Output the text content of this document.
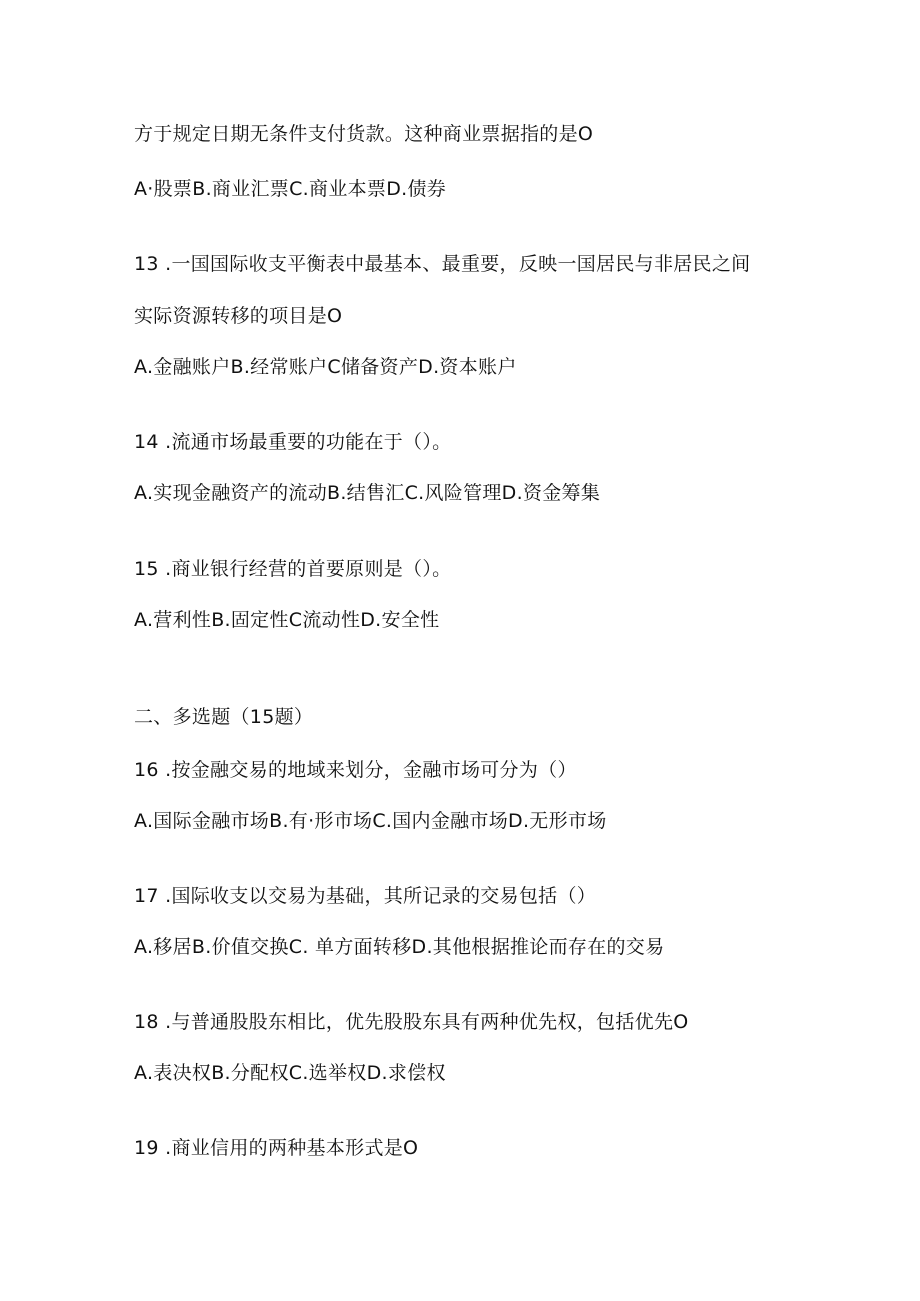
方于规定日期无条件支付货款。这种商业票据指的是O
A·股票B.商业汇票C.商业本票D.债券
13 .一国国际收支平衡表中最基本、最重要，反映一国居民与非居民之间
实际资源转移的项目是O
A.金融账户B.经常账户C储备资产D.资本账户
14 .流通市场最重要的功能在于（）。
A.实现金融资产的流动B.结售汇C.风险管理D.资金筹集
15 .商业银行经营的首要原则是（）。
A.营利性B.固定性C流动性D.安全性
二、多选题（15题）
16 .按金融交易的地域来划分，金融市场可分为（）
A.国际金融市场B.有·形市场C.国内金融市场D.无形市场
17 .国际收支以交易为基础，其所记录的交易包括（）
A.移居B.价值交换C. 单方面转移D.其他根据推论而存在的交易
18 .与普通股股东相比，优先股股东具有两种优先权，包括优先O
A.表决权B.分配权C.选举权D.求偿权
19 .商业信用的两种基本形式是O
